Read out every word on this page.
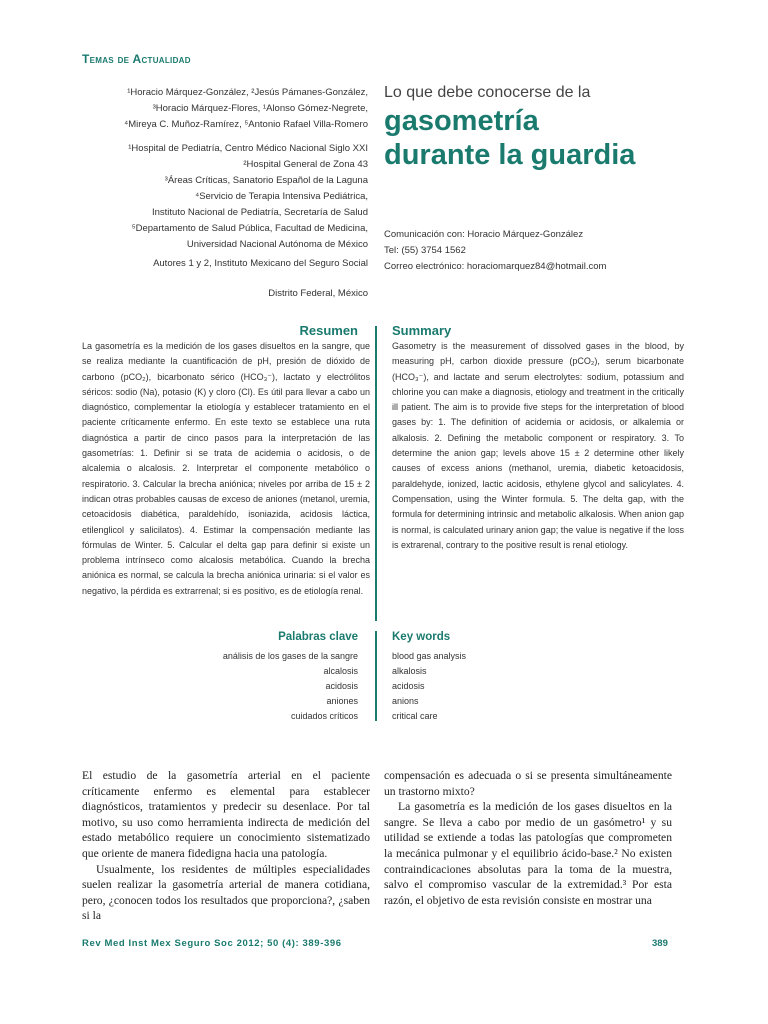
Temas de Actualidad
¹Horacio Márquez-González, ²Jesús Pámanes-González,
³Horacio Márquez-Flores, ¹Alonso Gómez-Negrete,
⁴Mireya C. Muñoz-Ramírez, ⁵Antonio Rafael Villa-Romero
¹Hospital de Pediatría, Centro Médico Nacional Siglo XXI
²Hospital General de Zona 43
³Áreas Críticas, Sanatorio Español de la Laguna
⁴Servicio de Terapia Intensiva Pediátrica,
Instituto Nacional de Pediatría, Secretaría de Salud
⁵Departamento de Salud Pública, Facultad de Medicina,
Universidad Nacional Autónoma de México
Autores 1 y 2, Instituto Mexicano del Seguro Social
Distrito Federal, México
Lo que debe conocerse de la
gasometría
durante la guardia
Comunicación con: Horacio Márquez-González
Tel: (55) 3754 1562
Correo electrónico: horaciomarquez84@hotmail.com
Resumen	Summary
La gasometría es la medición de los gases disueltos en la sangre, que se realiza mediante la cuantificación de pH, presión de dióxido de carbono (pCO₂), bicarbonato sérico (HCO₃⁻), lactato y electrólitos séricos: sodio (Na), potasio (K) y cloro (Cl). Es útil para llevar a cabo un diagnóstico, complementar la etiología y establecer tratamiento en el paciente críticamente enfermo. En este texto se establece una ruta diagnóstica a partir de cinco pasos para la interpretación de las gasometrías: 1. Definir si se trata de acidemia o acidosis, o de alcalemia o alcalosis. 2. Interpretar el componente metabólico o respiratorio. 3. Calcular la brecha aniónica; niveles por arriba de 15 ± 2 indican otras probables causas de exceso de aniones (metanol, uremia, cetoacidosis diabética, paraldehído, isoniazida, acidosis láctica, etilenglicol y salicilatos). 4. Estimar la compensación mediante las fórmulas de Winter. 5. Calcular el delta gap para definir si existe un problema intrínseco como alcalosis metabólica. Cuando la brecha aniónica es normal, se calcula la brecha aniónica urinaria: si el valor es negativo, la pérdida es extrarrenal; si es positivo, es de etiología renal.
Gasometry is the measurement of dissolved gases in the blood, by measuring pH, carbon dioxide pressure (pCO₂), serum bicarbonate (HCO₃⁻), and lactate and serum electrolytes: sodium, potassium and chlorine you can make a diagnosis, etiology and treatment in the critically ill patient. The aim is to provide five steps for the interpretation of blood gases by: 1. The definition of acidemia or acidosis, or alkalemia or alkalosis. 2. Defining the metabolic component or respiratory. 3. To determine the anion gap; levels above 15 ± 2 determine other likely causes of excess anions (methanol, uremia, diabetic ketoacidosis, paraldehyde, ionized, lactic acidosis, ethylene glycol and salicylates. 4. Compensation, using the Winter formula. 5. The delta gap, with the formula for determining intrinsic and metabolic alkalosis. When anion gap is normal, is calculated urinary anion gap; the value is negative if the loss is extrarenal, contrary to the positive result is renal etiology.
Palabras clave	Key words
análisis de los gases de la sangre
alcalosis
acidosis
aniones
cuidados críticos
blood gas analysis
alkalosis
acidosis
anions
critical care

El estudio de la gasometría arterial en el paciente críticamente enfermo es elemental para establecer diagnósticos, tratamientos y predecir su desenlace. Por tal motivo, su uso como herramienta indirecta de medición del estado metabólico requiere un conocimiento sistematizado que oriente de manera fidedigna hacia una patología.

Usualmente, los residentes de múltiples especialidades suelen realizar la gasometría arterial de manera cotidiana, pero, ¿conocen todos los resultados que proporciona?, ¿saben si la

compensación es adecuada o si se presenta simultáneamente un trastorno mixto?

La gasometría es la medición de los gases disueltos en la sangre. Se lleva a cabo por medio de un gasómetro¹ y su utilidad se extiende a todas las patologías que comprometen la mecánica pulmonar y el equilibrio ácido-base.² No existen contraindicaciones absolutas para la toma de la muestra, salvo el compromiso vascular de la extremidad.³ Por esta razón, el objetivo de esta revisión consiste en mostrar una

Rev Med Inst Mex Seguro Soc 2012; 50 (4): 389-396	389
